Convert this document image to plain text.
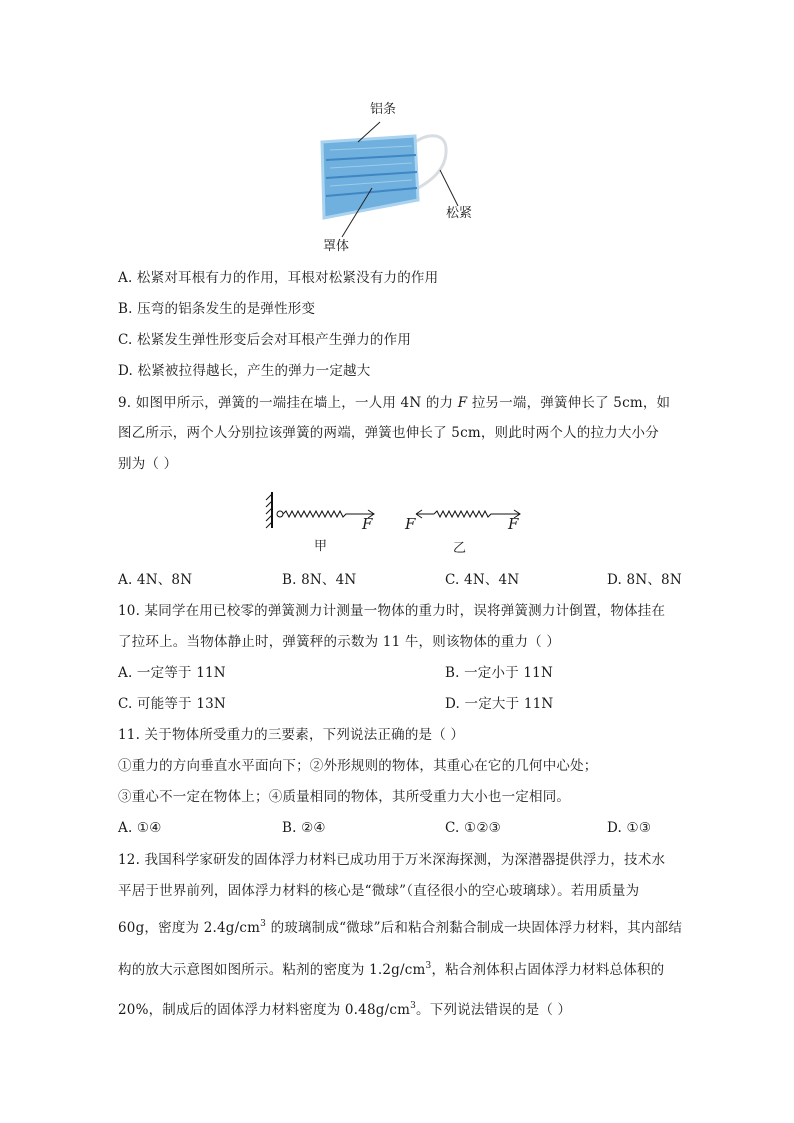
铝条
松紧
罩体
A. 松紧对耳根有力的作用，耳根对松紧没有力的作用
B. 压弯的铝条发生的是弹性形变
C. 松紧发生弹性形变后会对耳根产生弹力的作用
D. 松紧被拉得越长，产生的弹力一定越大
9. 如图甲所示，弹簧的一端挂在墙上，一人用 4N 的力 F 拉另一端，弹簧伸长了 5cm，如
图乙所示，两个人分别拉该弹簧的两端，弹簧也伸长了 5cm，则此时两个人的拉力大小分
别为（ ）
F F	F
甲	乙
A. 4N、8N	B. 8N、4N	C. 4N、4N	D. 8N、8N
10. 某同学在用已校零的弹簧测力计测量一物体的重力时，误将弹簧测力计倒置，物体挂在
了拉环上。当物体静止时，弹簧秤的示数为 11 牛，则该物体的重力（ ）
A. 一定等于 11N	B. 一定小于 11N
C. 可能等于 13N	D. 一定大于 11N
11. 关于物体所受重力的三要素，下列说法正确的是（ ）
①重力的方向垂直水平面向下；②外形规则的物体，其重心在它的几何中心处；
③重心不一定在物体上；④质量相同的物体，其所受重力大小也一定相同。
A. ①④	B. ②④	C. ①②③	D. ①③
12. 我国科学家研发的固体浮力材料已成功用于万米深海探测，为深潜器提供浮力，技术水
平居于世界前列，固体浮力材料的核心是“微球”（直径很小的空心玻璃球）。若用质量为
60g，密度为 $2.4g/cm^3$ 的玻璃制成“微球”后和粘合剂黏合制成一块固体浮力材料，其内部结
构的放大示意图如图所示。粘剂的密度为 $1.2g/cm^3$，粘合剂体积占固体浮力材料总体积的
20%，制成后的固体浮力材料密度为 $0.48g/cm^3$。下列说法错误的是（ ）
